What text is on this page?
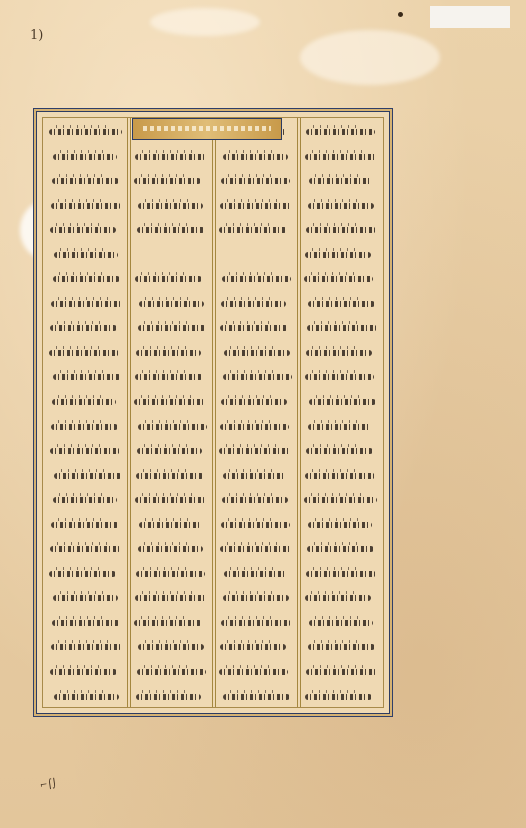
1)
⌐⌠⌡
